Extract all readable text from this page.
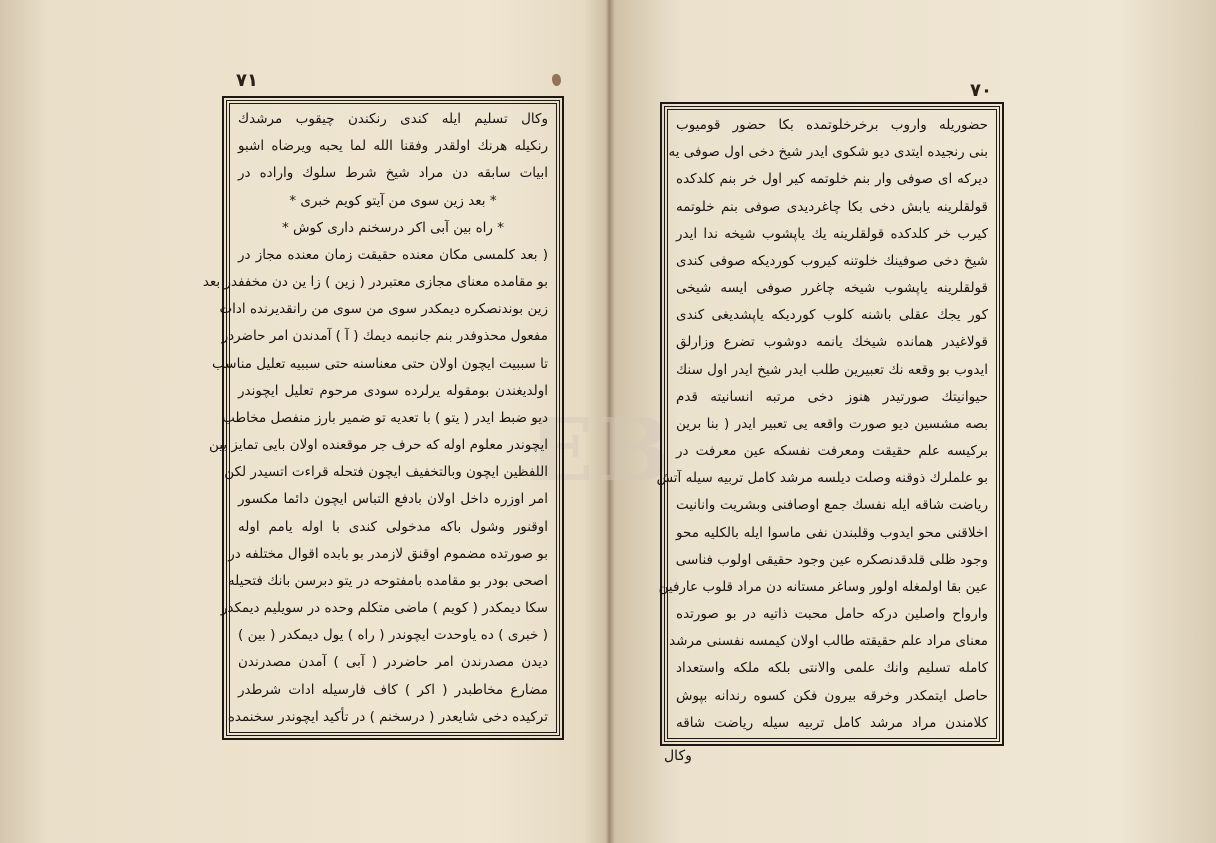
EB
٧١
وكال تسليم ايله كندى رنكندن چيقوب مرشدك
رنكيله هرنك اولقدر وفقنا الله لما يحبه ويرضاه اشبو
ابيات سابقه دن مراد شيخ شرط سلوك واراده در
* بعد زين سوى من آيتو كويم خبرى *
* راه بين آبى اكر درسخنم دارى كوش *
( بعد كلمسى مكان معنده حقيقت زمان معنده مجاز در
بو مقامده معناى مجازى معتبردر ( زين ) زا ين دن مخففدر بعد
زين بوندنصكره ديمكدر سوى من سوى من رانقديرنده ادات
مفعول محذوفدر بنم جانبمه ديمك ( آ ) آمدندن امر حاضردر
تا سببيت ايچون اولان حتى معناسنه حتى سببيه تعليل مناسب
اولديغندن بومقوله يرلرده سودى مرحوم تعليل ايچوندر
ديو ضبط ايدر ( يتو ) با تعديه تو ضمير بارز منفصل مخاطب
ايچوندر معلوم اوله كه حرف جر موقعنده اولان بايى تمايز بين
اللفظين ايچون وبالتخفيف ايچون فتحله قراءت اتسيدر لكن
امر اوزره داخل اولان بادفع التباس ايچون دائما مكسور
اوقنور وشول باكه مدخولى كندى با اوله يامم اوله
بو صورتده مضموم اوقنق لازمدر بو بابده اقوال مختلفه در
اصحى بودر بو مقامده بامفتوحه در يتو دبرسن بانك فتحيله
سكا ديمكدر ( كويم ) ماضى متكلم وحده در سويليم ديمكدر
( خبرى ) ده ياوحدت ايچوندر ( راه ) يول ديمكدر ( بين )
ديدن مصدرندن امر حاضردر ( آبى ) آمدن مصدرندن
مضارع مخاطبدر ( اكر ) كاف فارسيله ادات شرطدر
تركيده دخى شايعدر ( درسخنم ) در تأكيد ايچوندر سخنمده
٧٠
حضوريله واروب برخرخلوتمده بكا حضور قوميوب
بنى رنجيده ايتدى ديو شكوى ايدر شيخ دخى اول صوفى يه
ديركه اى صوفى وار بنم خلوتمه كير اول خر بنم كلدكده
قولقلرينه يابش دخى بكا چاغرديدى صوفى بنم خلوتمه
كيرب خر كلدكده قولقلرينه يك ياپشوب شيخه ندا ايدر
شيخ دخى صوفينك خلوتنه كيروب كورديكه صوفى كندى
قولقلرينه ياپشوب شيخه چاغرر صوفى ايسه شيخى
كور يجك عقلى باشنه كلوب كورديكه ياپشديغى كندى
قولاغيدر همانده شيخك يانمه دوشوب تضرع وزارلق
ايدوب بو وقعه نك تعبيرين طلب ايدر شيخ ايدر اول سنك
حيوانيتك صورتيدر هنوز دخى مرتبه انسانيته قدم
بصه مشسين ديو صورت واقعه يى تعبير ايدر ( بنا برين
بركيسه علم حقيقت ومعرفت نفسكه عين معرفت در
بو علملرك ذوقنه وصلت ديلسه مرشد كامل تربيه سيله آتش
رياضت شاقه ايله نفسك جمع اوصافنى وبشريت وانانيت
اخلاقنى محو ايدوب وقلبندن نفى ماسوا ايله بالكليه محو
وجود ظلى قلدقدنصكره عين وجود حقيقى اولوب فناسى
عين بقا اولمغله اولور وساغر مستانه دن مراد قلوب عارفين
وارواح واصلين دركه حامل محبت ذاتيه در بو صورتده
معناى مراد علم حقيقته طالب اولان كيمسه نفسنى مرشد
كامله تسليم وانك علمى والانتى بلكه ملكه واستعداد
حاصل ايتمكدر وخرقه بيرون فكن كسوه رندانه بپوش
كلامندن مراد مرشد كامل تربيه سيله رياضت شاقه
وكال
